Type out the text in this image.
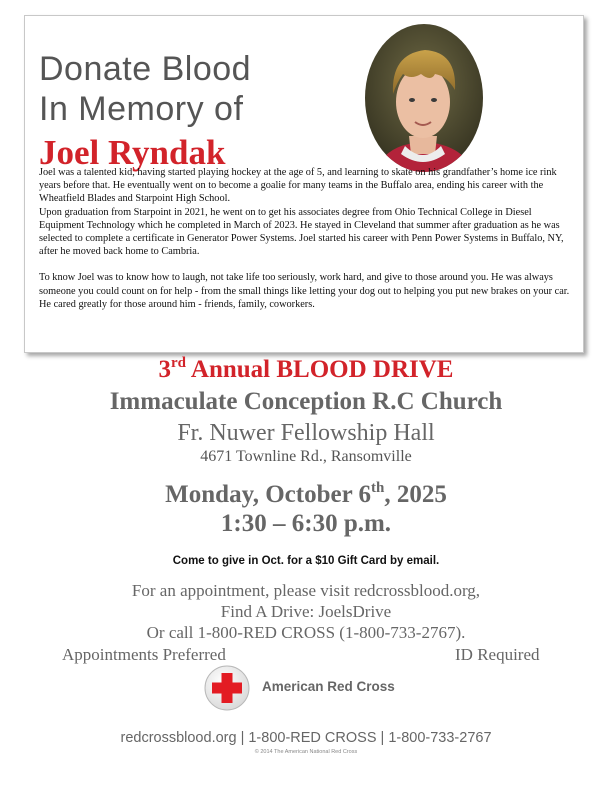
Donate Blood
In Memory of
Joel Ryndak

Joel was a talented kid, having started playing hockey at the age of 5, and learning to skate on his grandfather’s home ice rink years before that. He eventually went on to become a goalie for many teams in the Buffalo area, ending his career with the Wheatfield Blades and Starpoint High School.

Upon graduation from Starpoint in 2021, he went on to get his associates degree from Ohio Technical College in Diesel Equipment Technology which he completed in March of 2023. He stayed in Cleveland that summer after graduation as he was selected to complete a certificate in Generator Power Systems. Joel started his career with Penn Power Systems in Buffalo, NY, after he moved back home to Cambria.

To know Joel was to know how to laugh, not take life too seriously, work hard, and give to those around you. He was always someone you could count on for help - from the small things like letting your dog out to helping you put new brakes on your car. He cared greatly for those around him - friends, family, coworkers.

3rd Annual BLOOD DRIVE
Immaculate Conception R.C Church
Fr. Nuwer Fellowship Hall
4671 Townline Rd., Ransomville
Monday, October 6th, 2025
1:30 – 6:30 p.m.
Come to give in Oct. for a $10 Gift Card by email.
For an appointment, please visit redcrossblood.org,
Find A Drive: JoelsDrive
Or call 1-800-RED CROSS (1-800-733-2767).
Appointments Preferred	ID Required
American Red Cross
redcrossblood.org | 1-800-RED CROSS | 1-800-733-2767
© 2014 The American National Red Cross
